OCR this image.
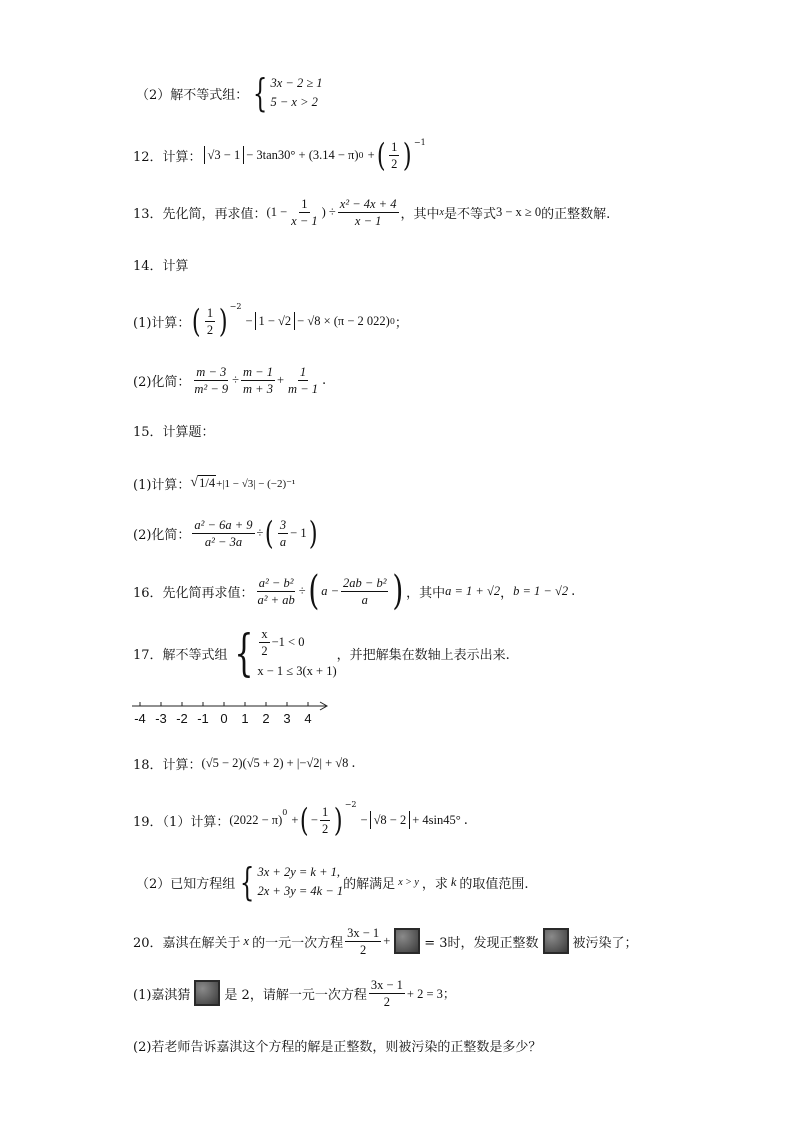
（2）解不等式组： { 3x − 2 ≥ 1
5 − x > 2
12．计算： √3 − 1 − 3tan30° + (3.14 − π) 0 + ( $\frac{1}{2} )^{-1}$
13．先化简，再求值： ($1 - \frac{1}{x - 1}$ ) ÷ $\frac{\text{x² − 4x + 4}}{x - 1}$ ，其中 x 是不等式 3 − x ≥ 0 的正整数解.
14．计算
(1)计算： ( $\frac{1}{2} )^{-2}$
− 1 − √2 − √8 × (π − 2 022) 0 ；
(2)化简： $\frac{m - 3}{\text{m² − 9}} \div \frac{m - 1}{m + 3} + \frac{1}{m - 1}$ .
15．计算题：
(1)计算： √ 1/4 +|1 − √3| − (−2)⁻¹
(2)化简： $\frac{\text{a² − 6a + 9}}{\text{a² − 3a}}$ ÷ ( $\frac{3}{a} - 1$ )
16．先化简再求值： $\frac{\text{a² − b²}}{\text{a² + ab}}$ ÷ ( $a - \frac{\text{2ab − b²}}{a}$ ) ，其中 a = 1 + √2 ， b = 1 − √2 .
17．解不等式组 { $\frac{x}{2} -1 < 0$
x − 1 ≤ 3(x + 1)
，并把解集在数轴上表示出来.
-4 -3 -2 -1 0 1 2 3 4
18．计算： (√5 − 2)(√5 + 2) + |−√2| + √8 .
19．（1）计算： $(2022 - \pi)^0$ + ( − $\frac{1}{2} )^{-2}$
− √8 − 2 + 4sin45° .
（2）已知方程组 { 3x + 2y = k + 1,
2x + 3y = 4k − 1 的解满足 x > y ，求 k 的取值范围.
20．嘉淇在解关于 x 的一元一次方程 $\frac{3x - 1}{2}$ +	= 3时，发现正整数	被污染了；
(1)嘉淇猜	是 2，请解一元一次方程 $\frac{3x - 1}{2} + 2 = 3$；
(2)若老师告诉嘉淇这个方程的解是正整数，则被污染的正整数是多少？
